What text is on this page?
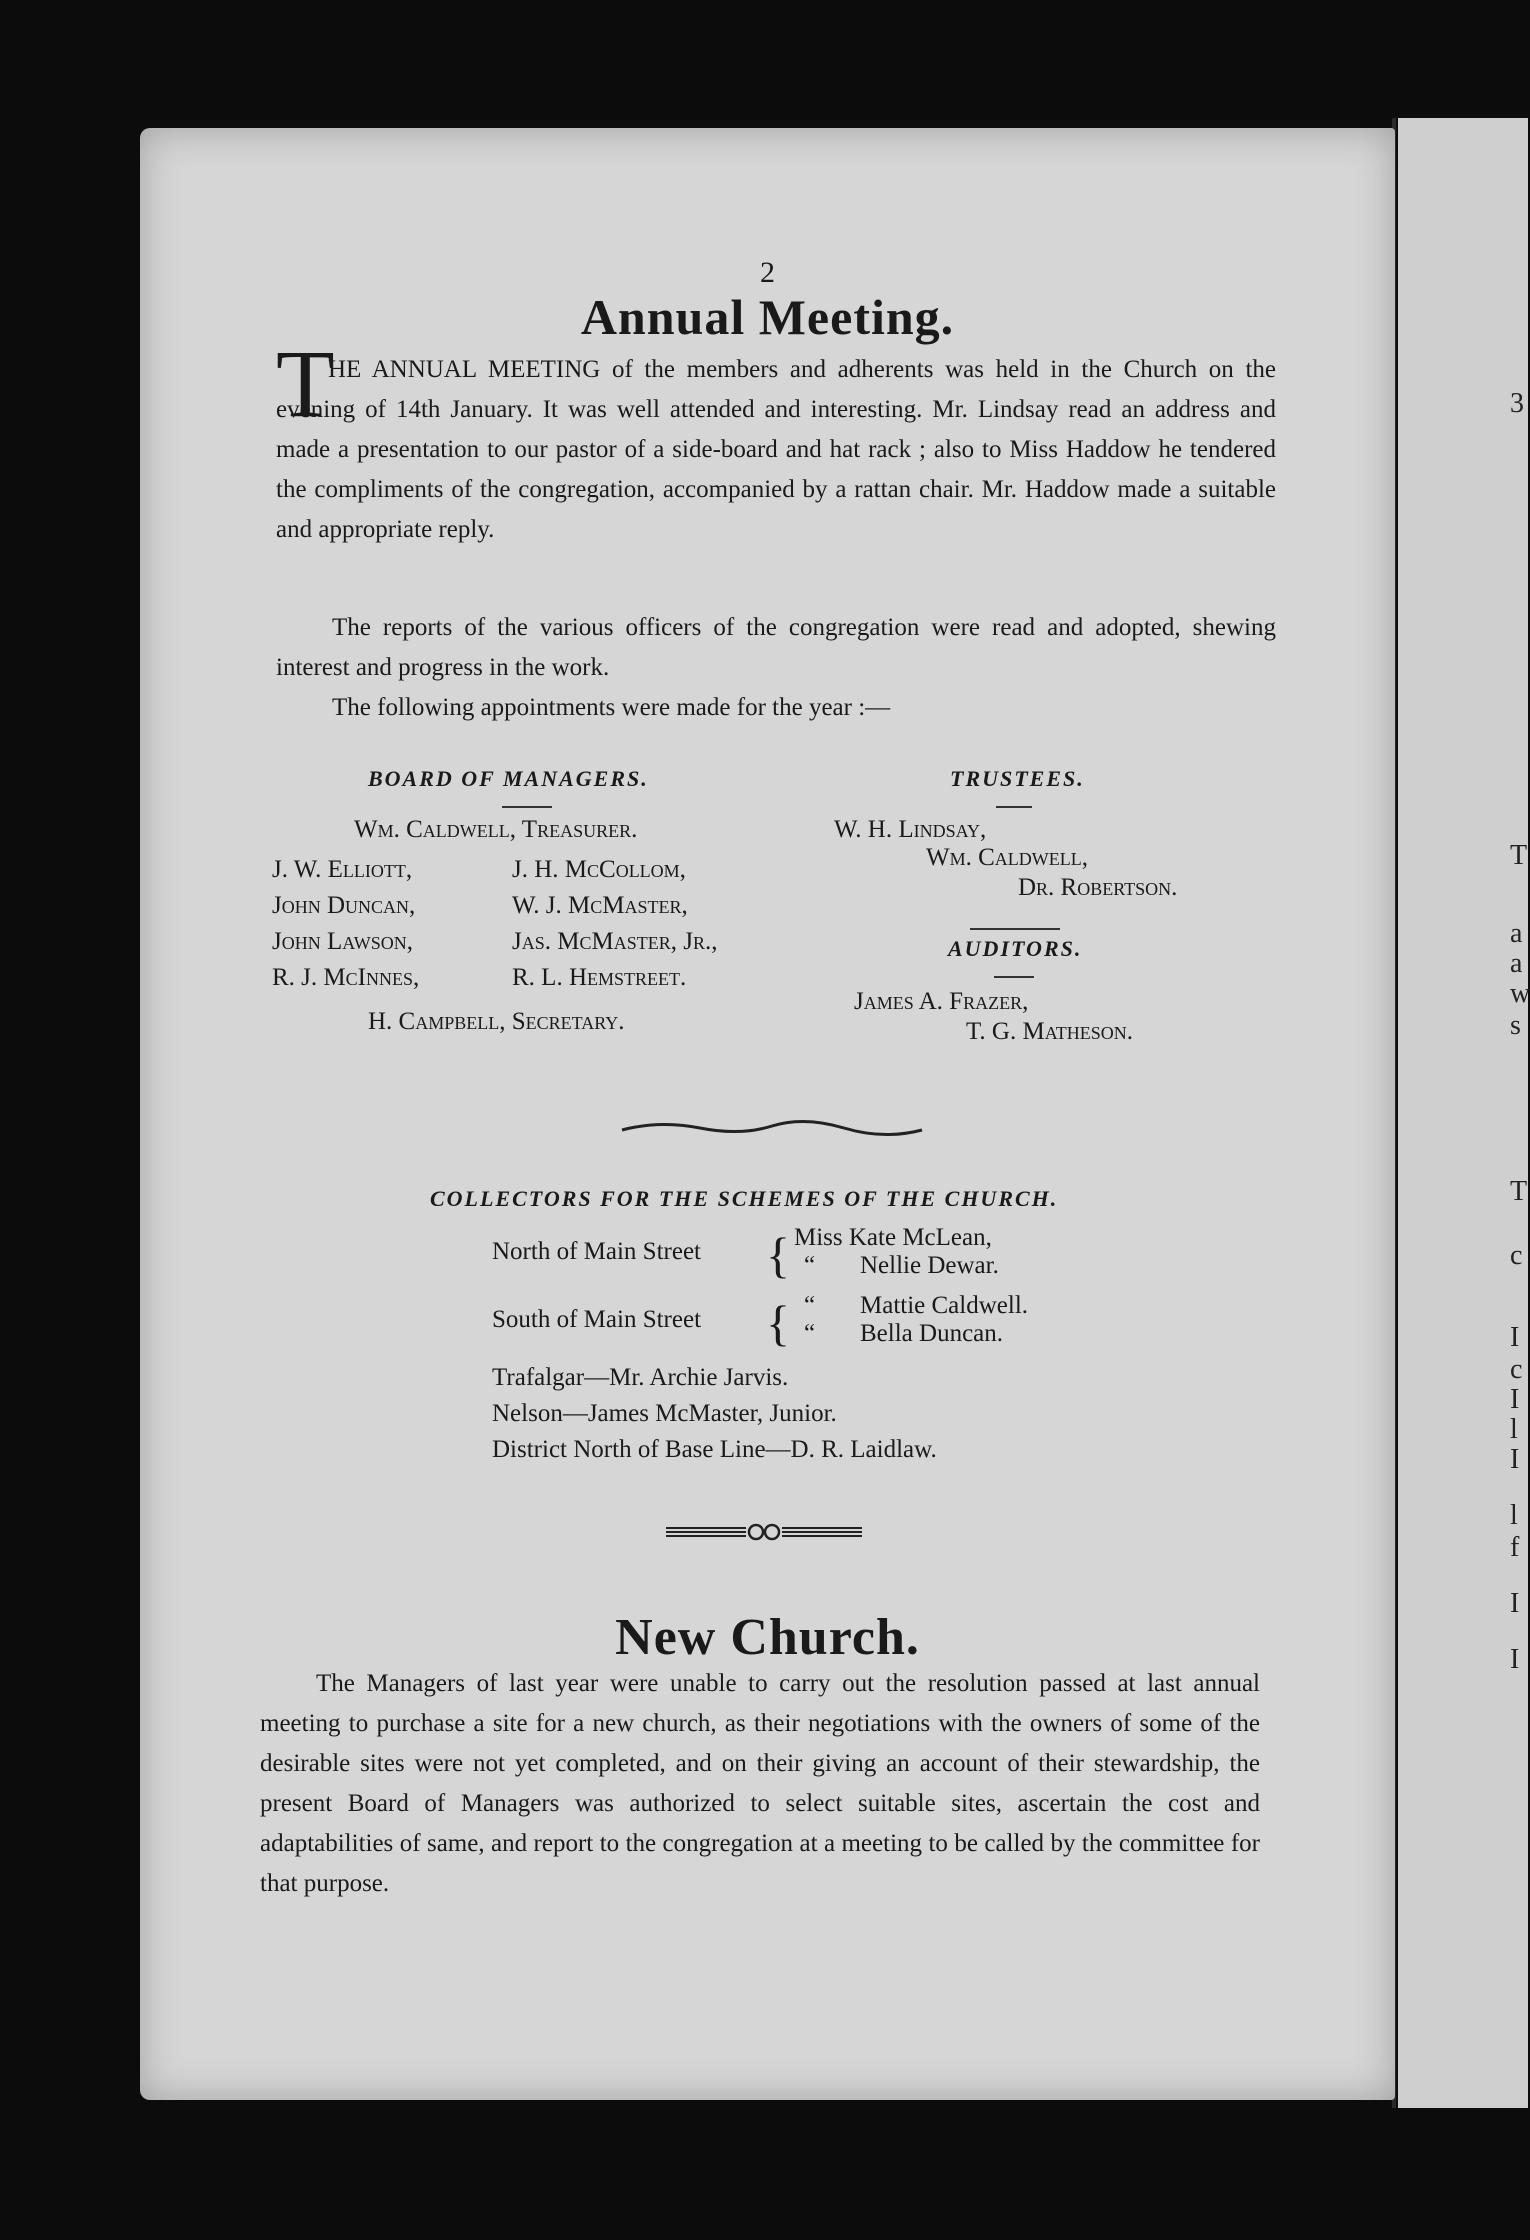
3
T
a
a
w
s
T
c
I
c
I
l
I
l
f
I
I
2
Annual Meeting.
T
HE ANNUAL MEETING of the members and adherents was held in the Church on the evening of 14th January. It was well attended and interesting. Mr. Lindsay read an address and made a presentation to our pastor of a side-board and hat rack ; also to Miss Haddow he tendered the compliments of the congregation, accompanied by a rattan chair. Mr. Haddow made a suitable and appropriate reply.
The reports of the various officers of the congregation were read and adopted, shewing interest and progress in the work.
The following appointments were made for the year :—
BOARD OF MANAGERS.
Wm. Caldwell, Treasurer.
J. W. Elliott,
John Duncan,
John Lawson,
R. J. McInnes,
J. H. McCollom,
W. J. McMaster,
Jas. McMaster, Jr.,
R. L. Hemstreet.
H. Campbell, Secretary.
TRUSTEES.
W. H. Lindsay,
Wm. Caldwell,
Dr. Robertson.
AUDITORS.
James A. Frazer,
T. G. Matheson.
COLLECTORS FOR THE SCHEMES OF THE CHURCH.
North of Main Street { Miss Kate McLean,
“ Nellie Dewar.
South of Main Street { “ Mattie Caldwell.
“ Bella Duncan.
Trafalgar—Mr. Archie Jarvis.
Nelson—James McMaster, Junior.
District North of Base Line—D. R. Laidlaw.
New Church.
The Managers of last year were unable to carry out the resolution passed at last annual meeting to purchase a site for a new church, as their negotiations with the owners of some of the desirable sites were not yet completed, and on their giving an account of their stewardship, the present Board of Managers was authorized to select suitable sites, ascertain the cost and adaptabilities of same, and report to the congregation at a meeting to be called by the committee for that purpose.
